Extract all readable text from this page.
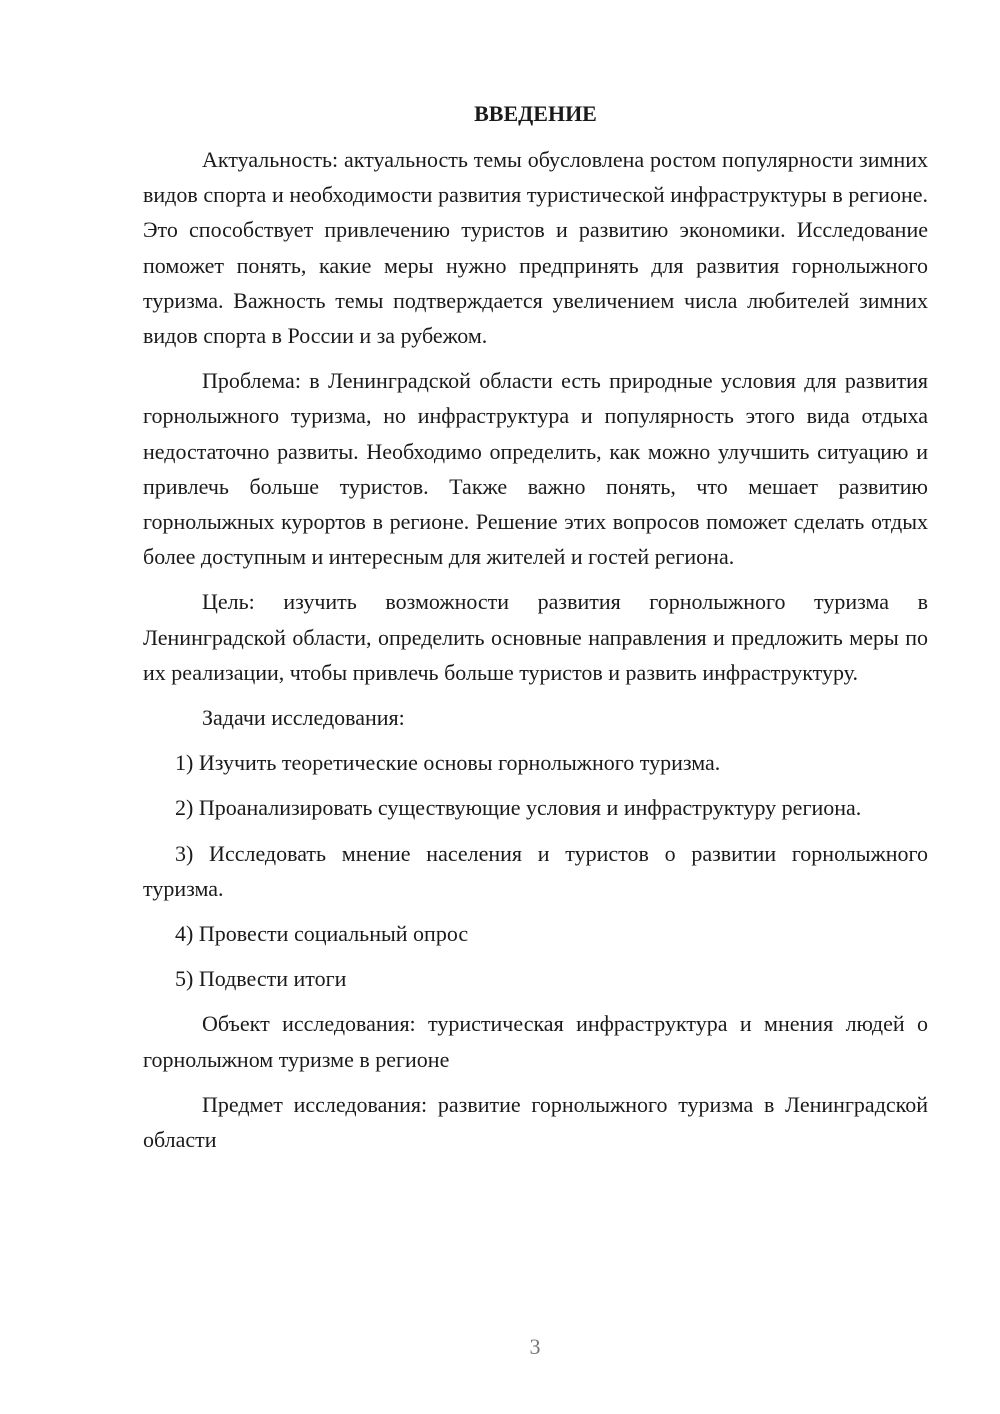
ВВЕДЕНИЕ

Актуальность: актуальность темы обусловлена ростом популярности зимних видов спорта и необходимости развития туристической инфраструктуры в регионе. Это способствует привлечению туристов и развитию экономики. Исследование поможет понять, какие меры нужно предпринять для развития горнолыжного туризма. Важность темы подтверждается увеличением числа любителей зимних видов спорта в России и за рубежом.

Проблема: в Ленинградской области есть природные условия для развития горнолыжного туризма, но инфраструктура и популярность этого вида отдыха недостаточно развиты. Необходимо определить, как можно улучшить ситуацию и привлечь больше туристов. Также важно понять, что мешает развитию горнолыжных курортов в регионе. Решение этих вопросов поможет сделать отдых более доступным и интересным для жителей и гостей региона.

Цель: изучить возможности развития горнолыжного туризма в Ленинградской области, определить основные направления и предложить меры по их реализации, чтобы привлечь больше туристов и развить инфраструктуру.

Задачи исследования:

1) Изучить теоретические основы горнолыжного туризма.

2) Проанализировать существующие условия и инфраструктуру региона.

3) Исследовать мнение населения и туристов о развитии горнолыжного туризма.

4) Провести социальный опрос

5) Подвести итоги

Объект исследования: туристическая инфраструктура и мнения людей о горнолыжном туризме в регионе

Предмет исследования: развитие горнолыжного туризма в Ленинградской области

3
